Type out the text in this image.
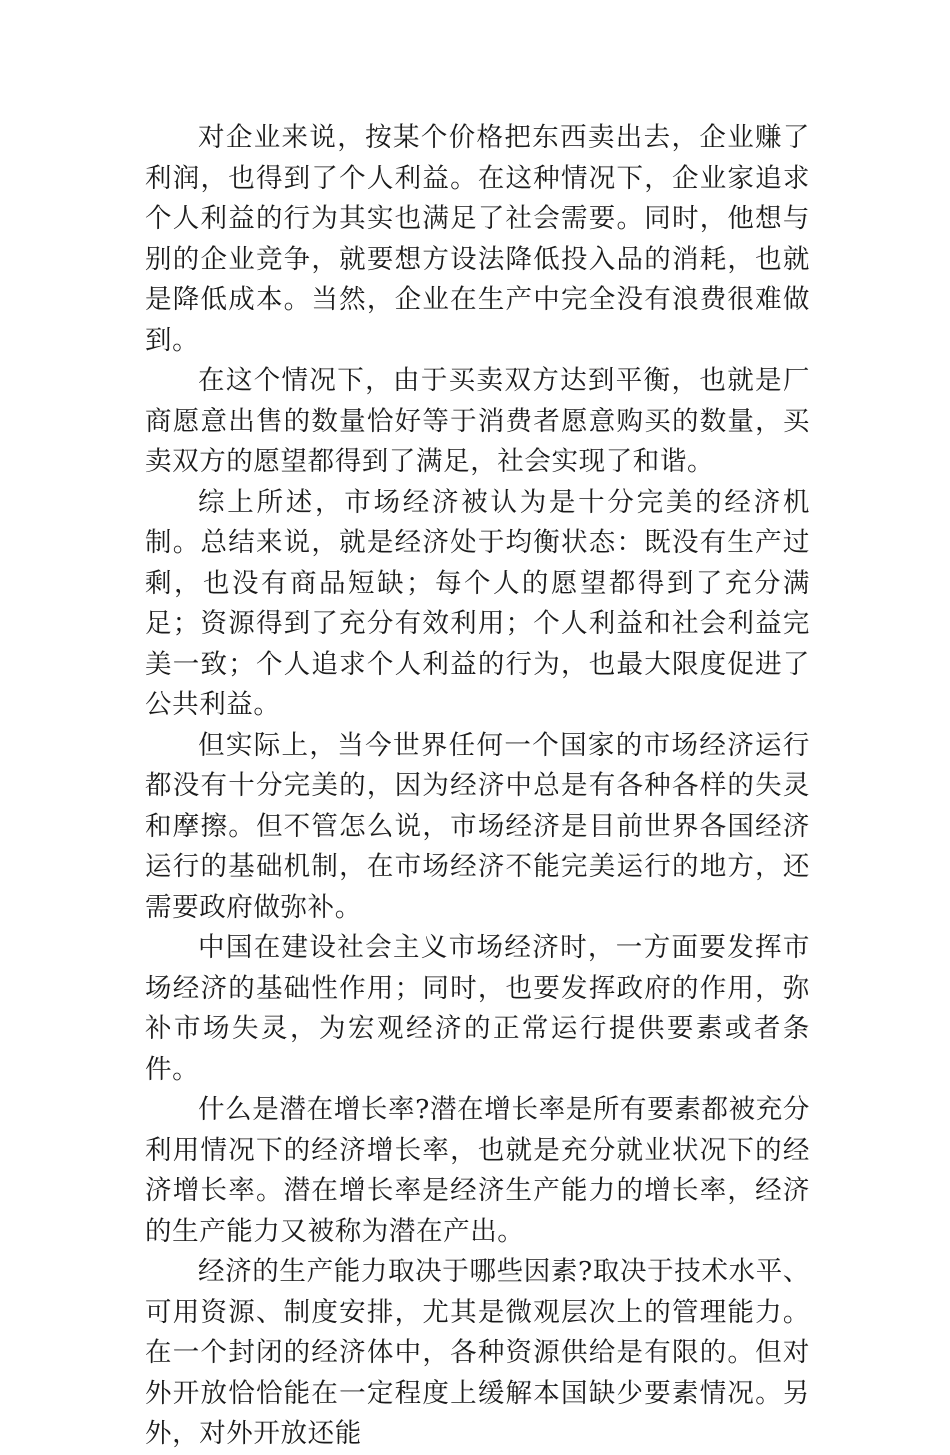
对企业来说，按某个价格把东西卖出去，企业赚了利润，也得到了个人利益。在这种情况下，企业家追求个人利益的行为其实也满足了社会需要。同时，他想与别的企业竞争，就要想方设法降低投入品的消耗，也就是降低成本。当然，企业在生产中完全没有浪费很难做到。

在这个情况下，由于买卖双方达到平衡，也就是厂商愿意出售的数量恰好等于消费者愿意购买的数量，买卖双方的愿望都得到了满足，社会实现了和谐。

综上所述，市场经济被认为是十分完美的经济机制。总结来说，就是经济处于均衡状态：既没有生产过剩，也没有商品短缺；每个人的愿望都得到了充分满足；资源得到了充分有效利用；个人利益和社会利益完美一致；个人追求个人利益的行为，也最大限度促进了公共利益。

但实际上，当今世界任何一个国家的市场经济运行都没有十分完美的，因为经济中总是有各种各样的失灵和摩擦。但不管怎么说，市场经济是目前世界各国经济运行的基础机制，在市场经济不能完美运行的地方，还需要政府做弥补。

中国在建设社会主义市场经济时，一方面要发挥市场经济的基础性作用；同时，也要发挥政府的作用，弥补市场失灵，为宏观经济的正常运行提供要素或者条件。

什么是潜在增长率?潜在增长率是所有要素都被充分利用情况下的经济增长率，也就是充分就业状况下的经济增长率。潜在增长率是经济生产能力的增长率，经济的生产能力又被称为潜在产出。

经济的生产能力取决于哪些因素?取决于技术水平、可用资源、制度安排，尤其是微观层次上的管理能力。在一个封闭的经济体中，各种资源供给是有限的。但对外开放恰恰能在一定程度上缓解本国缺少要素情况。另外，对外开放还能
